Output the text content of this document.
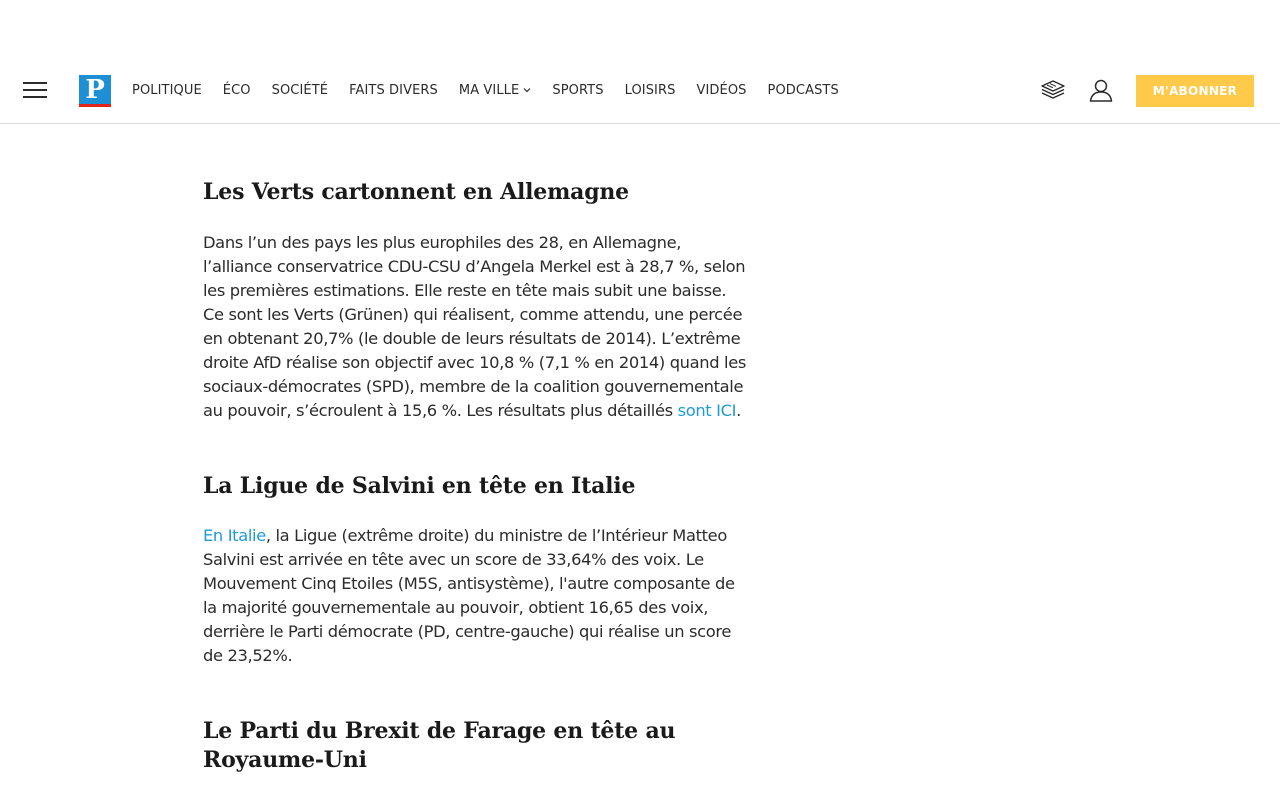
P	POLITIQUE ÉCO SOCIÉTÉ FAITS DIVERS MA VILLE	SPORTS LOISIRS VIDÉOS PODCASTS	M'ABONNER
Les Verts cartonnent en Allemagne

Dans l’un des pays les plus europhiles des 28, en Allemagne, l’alliance conservatrice CDU-CSU d’Angela Merkel est à 28,7 %, selon les premières estimations. Elle reste en tête mais subit une baisse. Ce sont les Verts (Grünen) qui réalisent, comme attendu, une percée en obtenant 20,7% (le double de leurs résultats de 2014). L’extrême droite AfD réalise son objectif avec 10,8 % (7,1 % en 2014) quand les sociaux-démocrates (SPD), membre de la coalition gouvernementale au pouvoir, s’écroulent à 15,6 %. Les résultats plus détaillés sont ICI.

La Ligue de Salvini en tête en Italie

En Italie, la Ligue (extrême droite) du ministre de l’Intérieur Matteo Salvini est arrivée en tête avec un score de 33,64% des voix. Le Mouvement Cinq Etoiles (M5S, antisystème), l'autre composante de la majorité gouvernementale au pouvoir, obtient 16,65 des voix, derrière le Parti démocrate (PD, centre-gauche) qui réalise un score de 23,52%.

Le Parti du Brexit de Farage en tête au Royaume-Uni
